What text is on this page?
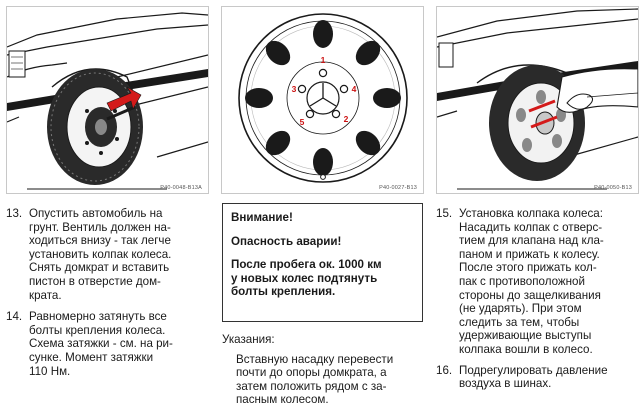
P40-0048-B13A
1
2
3	4
5
P40-0027-B13	P40-0050-B13
13. Опустить автомобиль на
грунт. Вентиль должен на-
ходиться внизу - так легче
установить колпак колеса.
Снять домкрат и вставить
пистон в отверстие дом-
крата.
14. Равномерно затянуть все
болты крепления колеса.
Схема затяжки - см. на ри-
сунке. Момент затяжки
110 Нм.
Внимание!
Опасность аварии!
После пробега ок. 1000 км
у новых колес подтянуть
болты крепления.
Указания:
Вставную насадку перевести
почти до опоры домкрата, а
затем положить рядом с за-
пасным колесом.
15. Установка колпака колеса:
Насадить колпак с отверс-
тием для клапана над кла-
паном и прижать к колесу.
После этого прижать кол-
пак с противоположной
стороны до защелкивания
(не ударять). При этом
следить за тем, чтобы
удерживающие выступы
колпака вошли в колесо.
16. Подрегулировать давление
воздуха в шинах.
